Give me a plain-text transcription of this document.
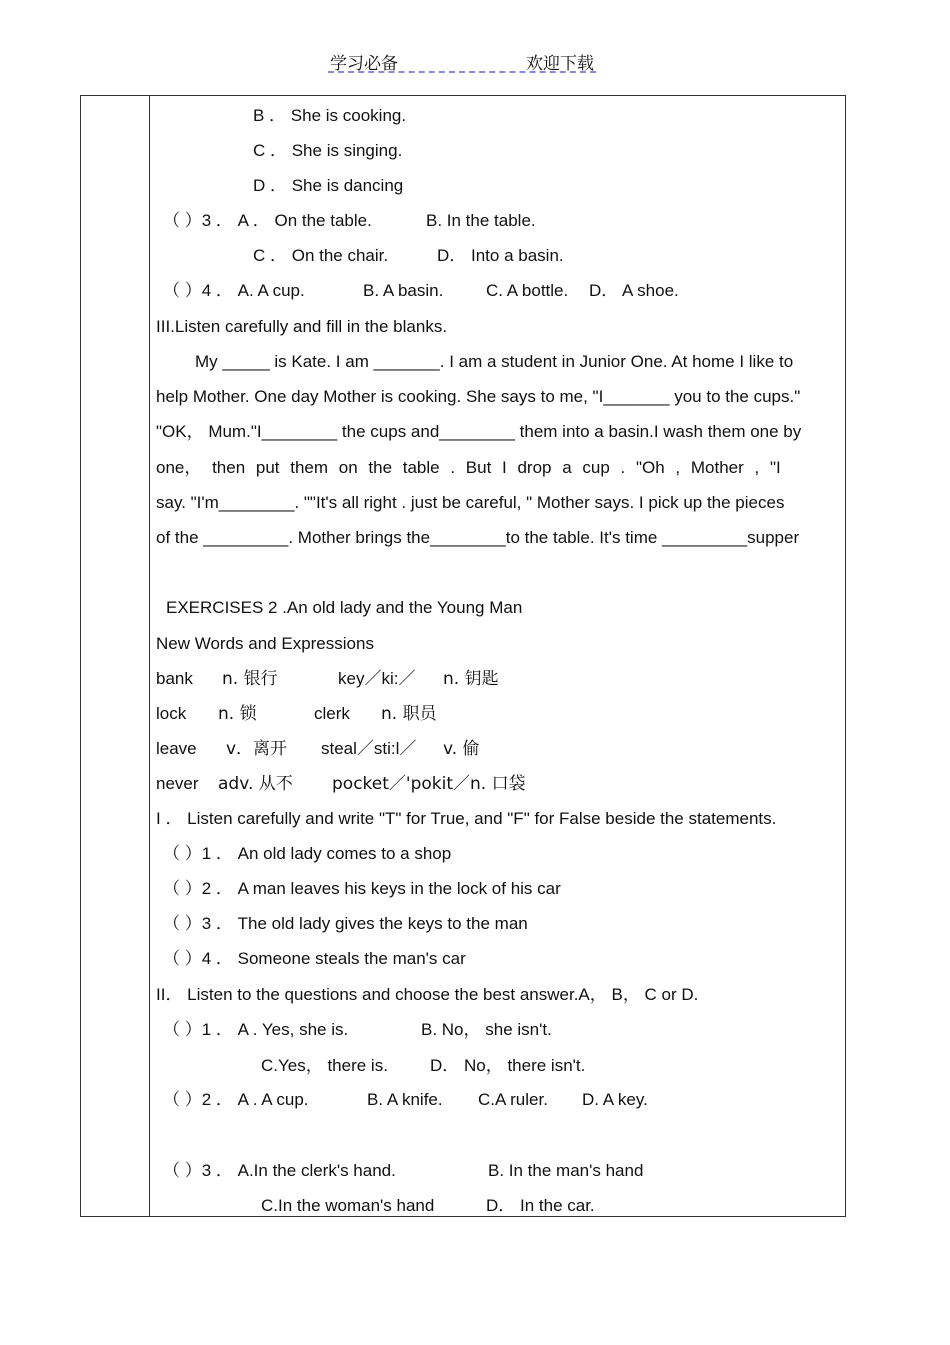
学习必备	欢迎下载
B ． She is cooking.
C ． She is singing.
D ． She is dancing
（ ）3 ． A ． On the table.	B. In the table.
C ． On the chair.	D． Into a basin.
（ ）4 ． A. A cup.	B. A basin.	C. A bottle. D． A shoe.
III.Listen carefully and fill in the blanks.
My _____ is Kate. I am _______. I am a student in Junior One. At home I like to
help Mother. One day Mother is cooking. She says to me, "I_______ you to the cups."
"OK， Mum."I________ the cups and________ them into a basin.I wash them one by
one， then put them on the table . But I drop a cup . "Oh , Mother , "I
say. "I'm________. ""It's all right . just be careful, " Mother says. I pick up the pieces
of the _________. Mother brings the________to the table. It's time _________supper
EXERCISES 2 .An old lady and the Young Man
New Words and Expressions
bank n. 银行	key／ki:／ n. 钥匙
lock n. 锁	clerk n. 职员
leave v．离开 steal／sti:l／ v. 偷
never adv. 从不 pocket／'pokit／n. 口袋
I ． Listen carefully and write "T" for True, and "F" for False beside the statements.
（ ）1 ． An old lady comes to a shop
（ ）2 ． A man leaves his keys in the lock of his car
（ ）3 ． The old lady gives the keys to the man
（ ）4 ． Someone steals the man's car
II． Listen to the questions and choose the best answer.A， B， C or D.
（ ）1 ． A . Yes, she is.	B. No， she isn't.
C.Yes， there is. D． No， there isn't.
（ ）2 ． A . A cup.	B. A knife. C.A ruler. D. A key.
（ ）3 ． A.In the clerk's hand.	B. In the man's hand
C.In the woman's hand	D． In the car.
